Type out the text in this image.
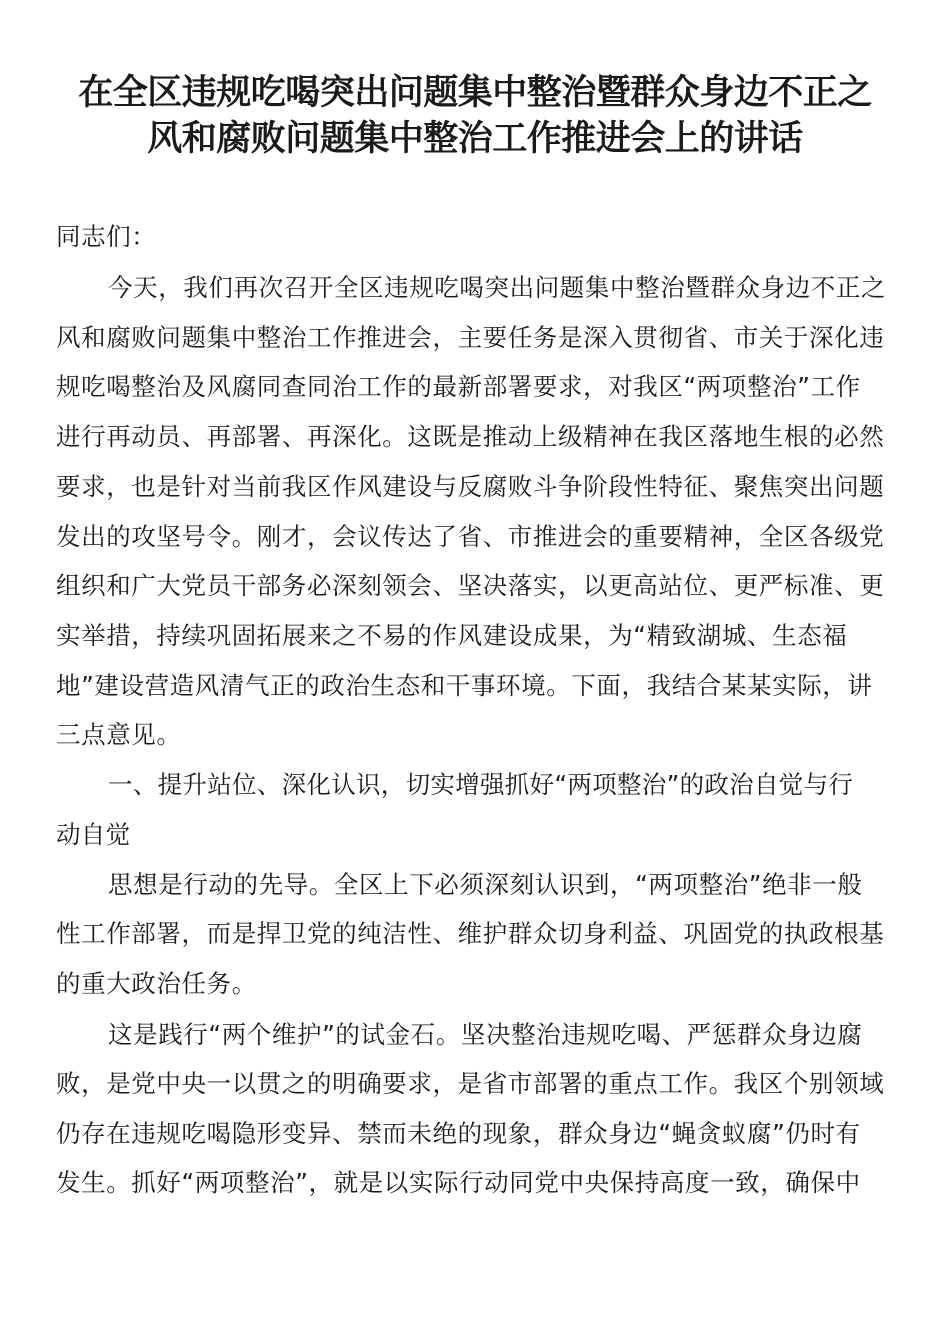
在全区违规吃喝突出问题集中整治暨群众身边不正之
风和腐败问题集中整治工作推进会上的讲话
同志们：
今天，我们再次召开全区违规吃喝突出问题集中整治暨群众身边不正之
风和腐败问题集中整治工作推进会，主要任务是深入贯彻省、市关于深化违
规吃喝整治及风腐同查同治工作的最新部署要求，对我区“两项整治”工作
进行再动员、再部署、再深化。这既是推动上级精神在我区落地生根的必然
要求，也是针对当前我区作风建设与反腐败斗争阶段性特征、聚焦突出问题
发出的攻坚号令。刚才，会议传达了省、市推进会的重要精神，全区各级党
组织和广大党员干部务必深刻领会、坚决落实，以更高站位、更严标准、更
实举措，持续巩固拓展来之不易的作风建设成果，为“精致湖城、生态福
地”建设营造风清气正的政治生态和干事环境。下面，我结合某某实际，讲
三点意见。
一、提升站位、深化认识，切实增强抓好“两项整治”的政治自觉与行
动自觉
思想是行动的先导。全区上下必须深刻认识到，“两项整治”绝非一般
性工作部署，而是捍卫党的纯洁性、维护群众切身利益、巩固党的执政根基
的重大政治任务。
这是践行“两个维护”的试金石。坚决整治违规吃喝、严惩群众身边腐
败，是党中央一以贯之的明确要求，是省市部署的重点工作。我区个别领域
仍存在违规吃喝隐形变异、禁而未绝的现象，群众身边“蝇贪蚁腐”仍时有
发生。抓好“两项整治”，就是以实际行动同党中央保持高度一致，确保中
